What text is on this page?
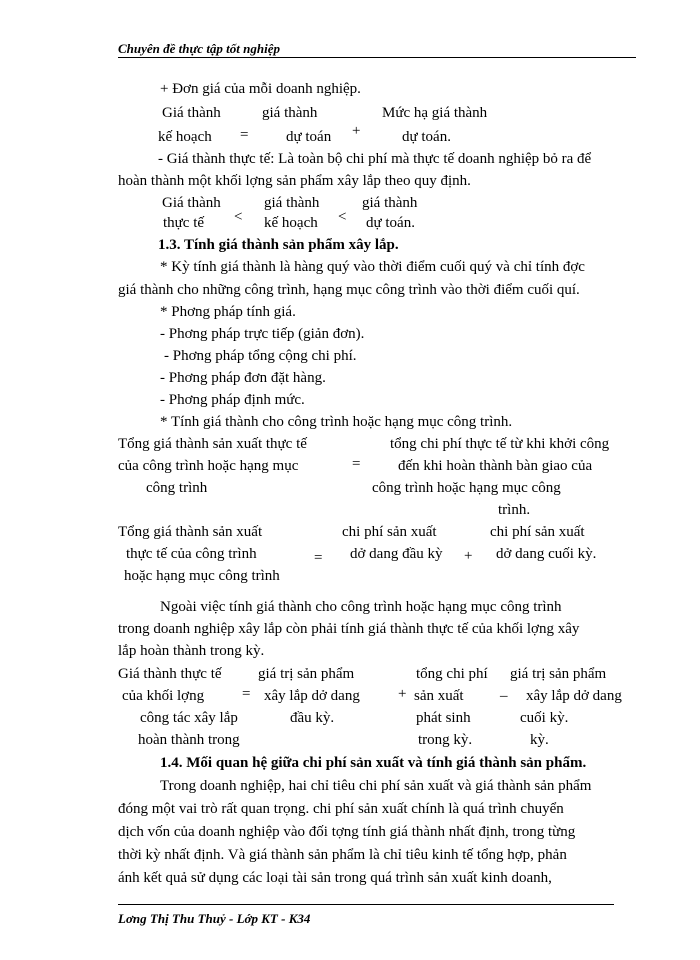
Chuyên đề thực tập tốt nghiệp
+ Đơn giá của mỗi doanh nghiệp.
Giá thành	giá thành	Mức hạ giá thành
kế hoạch =	dự toán +	dự toán.
- Giá thành thực tế: Là toàn bộ chi phí mà thực tế doanh nghiệp bỏ ra để
hoàn thành một khối lợng sản phẩm xây lắp theo quy định.
Giá thành	giá thành	giá thành
thực tế < kế hoạch < dự toán.
1.3. Tính giá thành sản phẩm xây lắp.
* Kỳ tính giá thành là hàng quý vào thời điểm cuối quý và chỉ tính đợc
giá thành cho những công trình, hạng mục công trình vào thời điểm cuối quí.
* Phơng pháp tính giá.
- Phơng pháp trực tiếp (giản đơn).
- Phơng pháp tổng cộng chi phí.
- Phơng pháp đơn đặt hàng.
- Phơng pháp định mức.
* Tính giá thành cho công trình hoặc hạng mục công trình.
Tổng giá thành sản xuất thực tế	tổng chi phí thực tế từ khi khởi công
của công trình hoặc hạng mục	=	đến khi hoàn thành bàn giao của
công trình	công trình hoặc hạng mục công
trình.
Tổng giá thành sản xuất	chi phí sản xuất	chi phí sản xuất
thực tế của công trình	dở dang đầu kỳ + dở dang cuối kỳ.
=
hoặc hạng mục công trình
Ngoài việc tính giá thành cho công trình hoặc hạng mục công trình
trong doanh nghiệp xây lắp còn phải tính giá thành thực tế của khối lợng xây
lắp hoàn thành trong kỳ.
Giá thành thực tế giá trị sản phẩm	tổng chi phí giá trị sản phẩm
của khối lợng	= xây lắp dở dang	+ sản xuất _ xây lắp dở dang
công tác xây lắp	đầu kỳ.	phát sinh	cuối kỳ.
hoàn thành trong	trong kỳ.	kỳ.
1.4. Mối quan hệ giữa chi phí sản xuất và tính giá thành sản phẩm.
Trong doanh nghiệp, hai chỉ tiêu chi phí sản xuất và giá thành sản phẩm
đóng một vai trò rất quan trọng. chi phí sản xuất chính là quá trình chuyển
dịch vốn của doanh nghiệp vào đối tợng tính giá thành nhất định, trong từng
thời kỳ nhất định. Và giá thành sản phẩm là chỉ tiêu kinh tế tổng hợp, phản
ánh kết quả sử dụng các loại tài sản trong quá trình sản xuất kinh doanh,
Lơng Thị Thu Thuỷ - Lớp KT - K34
